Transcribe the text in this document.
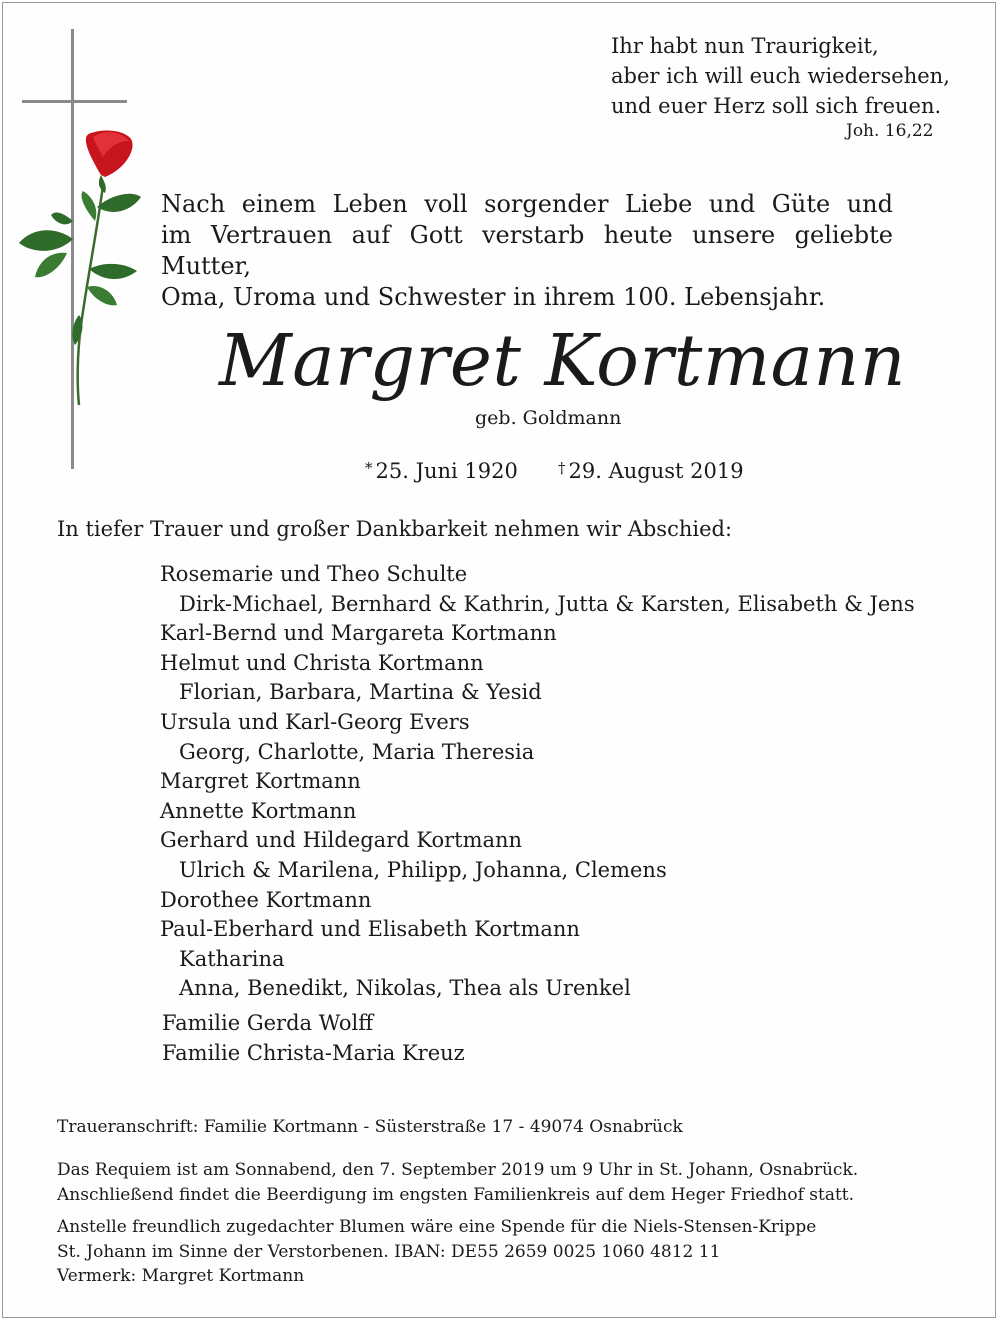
Ihr habt nun Traurigkeit,
aber ich will euch wiedersehen,
und euer Herz soll sich freuen.
Joh. 16,22
Nach einem Leben voll sorgender Liebe und Güte und
im Vertrauen auf Gott verstarb heute unsere geliebte Mutter,
Oma, Uroma und Schwester in ihrem 100. Lebensjahr.
Margret Kortmann
geb. Goldmann
* 25. Juni 1920	† 29. August 2019
In tiefer Trauer und großer Dankbarkeit nehmen wir Abschied:
Rosemarie und Theo Schulte
Dirk-Michael, Bernhard & Kathrin, Jutta & Karsten, Elisabeth & Jens
Karl-Bernd und Margareta Kortmann
Helmut und Christa Kortmann
Florian, Barbara, Martina & Yesid
Ursula und Karl-Georg Evers
Georg, Charlotte, Maria Theresia
Margret Kortmann
Annette Kortmann
Gerhard und Hildegard Kortmann
Ulrich & Marilena, Philipp, Johanna, Clemens
Dorothee Kortmann
Paul-Eberhard und Elisabeth Kortmann
Katharina
Anna, Benedikt, Nikolas, Thea als Urenkel
Familie Gerda Wolff
Familie Christa-Maria Kreuz
Traueranschrift: Familie Kortmann - Süsterstraße 17 - 49074 Osnabrück
Das Requiem ist am Sonnabend, den 7. September 2019 um 9 Uhr in St. Johann, Osnabrück.
Anschließend findet die Beerdigung im engsten Familienkreis auf dem Heger Friedhof statt.
Anstelle freundlich zugedachter Blumen wäre eine Spende für die Niels-Stensen-Krippe
St. Johann im Sinne der Verstorbenen. IBAN: DE55 2659 0025 1060 4812 11
Vermerk: Margret Kortmann
